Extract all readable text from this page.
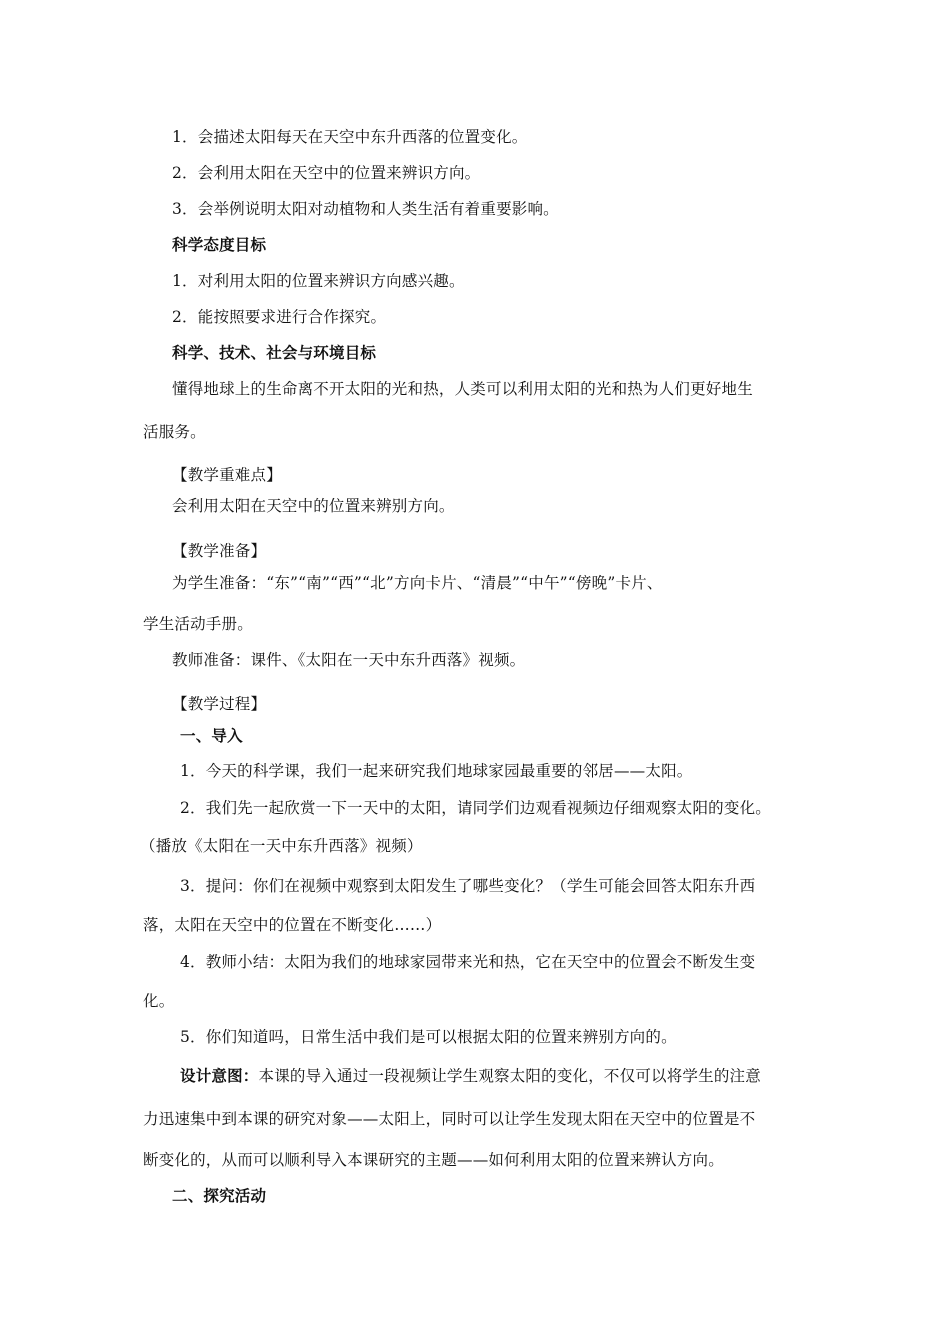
1．会描述太阳每天在天空中东升西落的位置变化。
2．会利用太阳在天空中的位置来辨识方向。
3．会举例说明太阳对动植物和人类生活有着重要影响。
科学态度目标
1．对利用太阳的位置来辨识方向感兴趣。
2．能按照要求进行合作探究。
科学、技术、社会与环境目标
懂得地球上的生命离不开太阳的光和热，人类可以利用太阳的光和热为人们更好地生
活服务。
【教学重难点】
会利用太阳在天空中的位置来辨别方向。
【教学准备】
为学生准备：“东”“南”“西”“北”方向卡片、“清晨”“中午”“傍晚”卡片、
学生活动手册。
教师准备：课件、《太阳在一天中东升西落》视频。
【教学过程】
一、导入
1．今天的科学课，我们一起来研究我们地球家园最重要的邻居——太阳。
2．我们先一起欣赏一下一天中的太阳，请同学们边观看视频边仔细观察太阳的变化。
（播放《太阳在一天中东升西落》视频）
3．提问：你们在视频中观察到太阳发生了哪些变化？（学生可能会回答太阳东升西
落，太阳在天空中的位置在不断变化……）
4．教师小结：太阳为我们的地球家园带来光和热，它在天空中的位置会不断发生变
化。
5．你们知道吗，日常生活中我们是可以根据太阳的位置来辨别方向的。
设计意图：本课的导入通过一段视频让学生观察太阳的变化，不仅可以将学生的注意
力迅速集中到本课的研究对象——太阳上，同时可以让学生发现太阳在天空中的位置是不
断变化的，从而可以顺利导入本课研究的主题——如何利用太阳的位置来辨认方向。
二、探究活动
